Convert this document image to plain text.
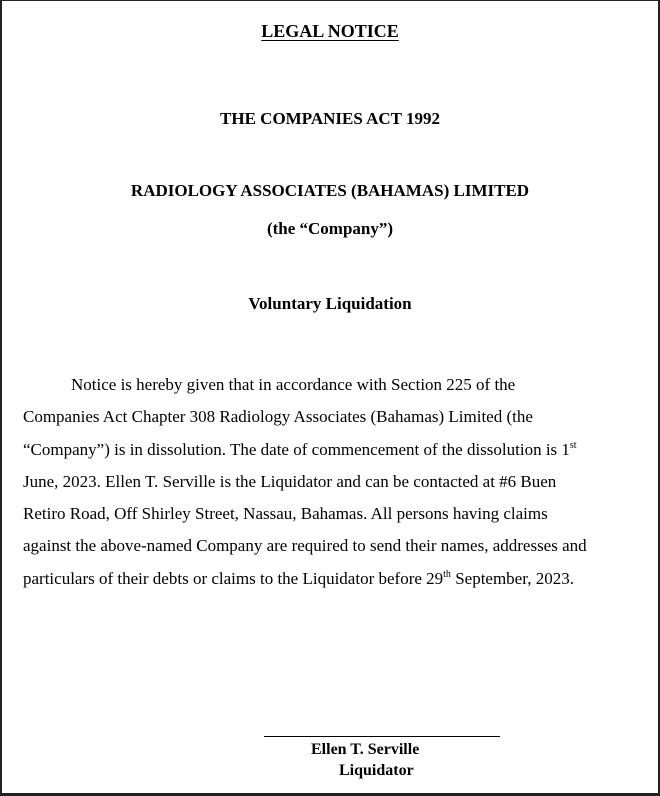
LEGAL NOTICE
THE COMPANIES ACT 1992
RADIOLOGY ASSOCIATES (BAHAMAS) LIMITED
(the “Company”)
Voluntary Liquidation
Notice is hereby given that in accordance with Section 225 of the
Companies Act Chapter 308 Radiology Associates (Bahamas) Limited (the
“Company”) is in dissolution. The date of commencement of the dissolution is 1st
June, 2023. Ellen T. Serville is the Liquidator and can be contacted at #6 Buen
Retiro Road, Off Shirley Street, Nassau, Bahamas. All persons having claims
against the above-named Company are required to send their names, addresses and
particulars of their debts or claims to the Liquidator before 29th September, 2023.
Ellen T. Serville
Liquidator
